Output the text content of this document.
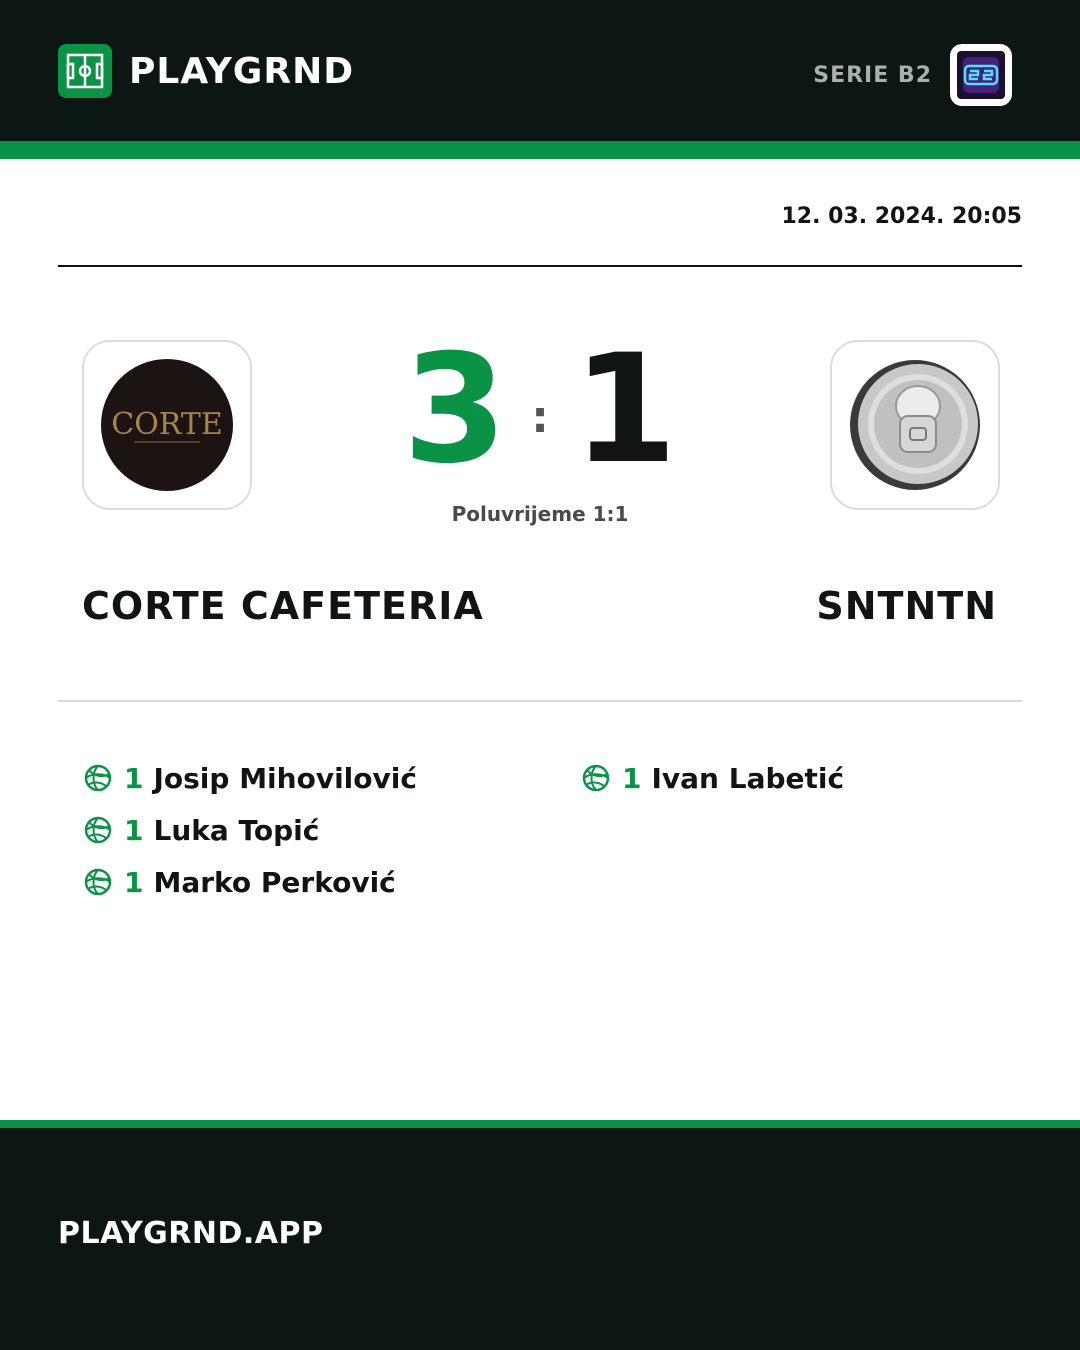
PLAYGRND	SERIE B2
12. 03. 2024. 20:05
CORTE 3 : 1
Poluvrijeme 1:1
CORTE CAFETERIA	SNTNTN
1 Josip Mihovilović
1 Luka Topić
1 Marko Perković
1 Ivan Labetić
PLAYGRND.APP
